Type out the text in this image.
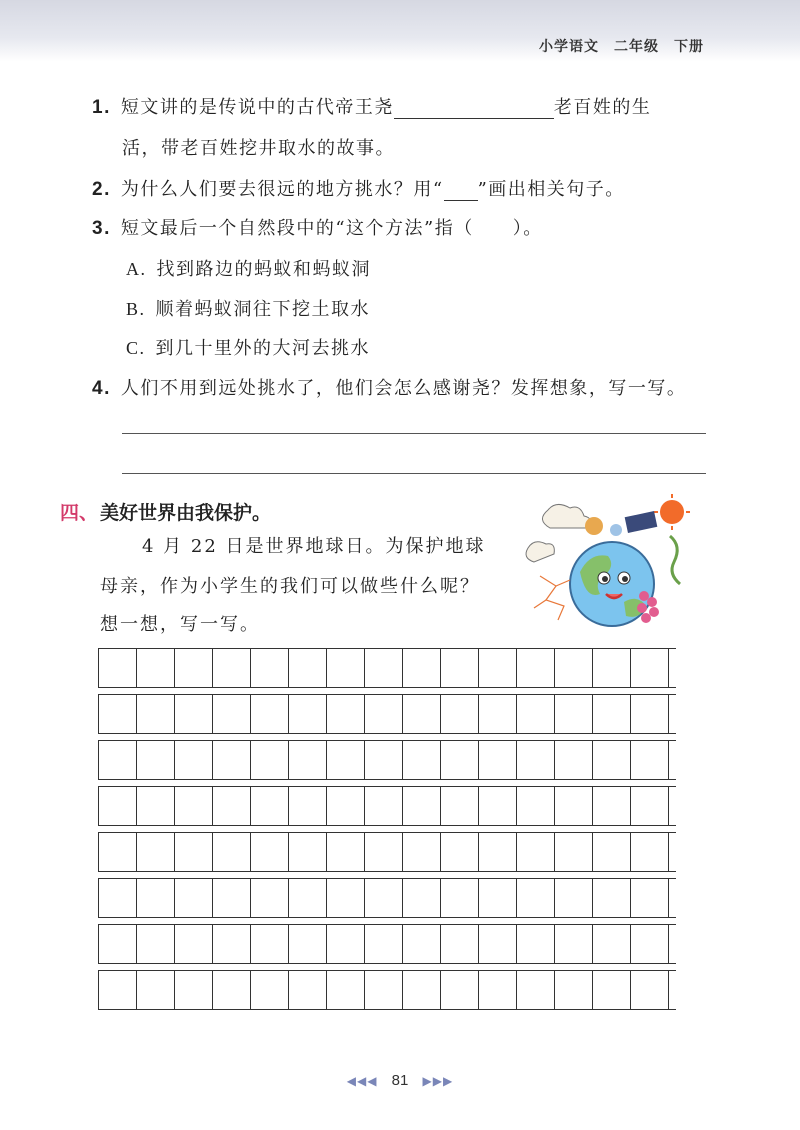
小学语文　二年级　下册
1. 短文讲的是传说中的古代帝王尧	老百姓的生
活，带老百姓挖井取水的故事。
2. 为什么人们要去很远的地方挑水？用“ ”画出相关句子。
3. 短文最后一个自然段中的“这个方法”指（　　）。
A. 找到路边的蚂蚁和蚂蚁洞
B. 顺着蚂蚁洞往下挖土取水
C. 到几十里外的大河去挑水
4. 人们不用到远处挑水了，他们会怎么感谢尧？发挥想象，写一写。
四、 美好世界由我保护。
4 月 22 日是世界地球日。为保护地球
母亲，作为小学生的我们可以做些什么呢？
想一想，写一写。
◀◀◀ 81 ▶▶▶
